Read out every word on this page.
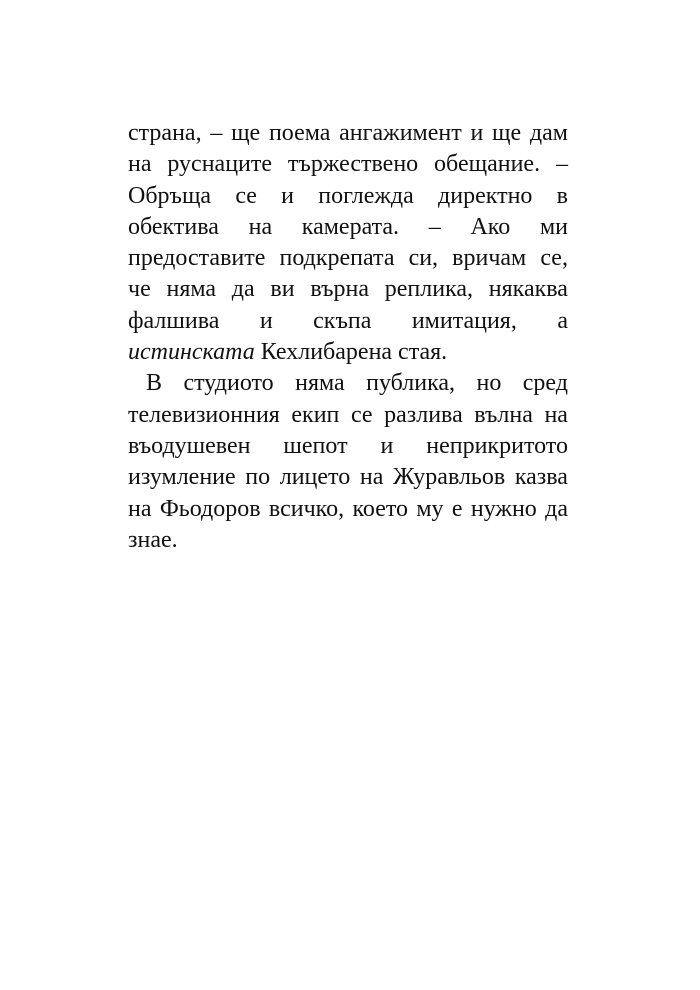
страна, – ще поема ангажимент и ще дам
на руснаците тържествено обещание. –
Обръща се и поглежда директно в
обектива на камерата. – Ако ми
предоставите подкрепата си, вричам се,
че няма да ви върна реплика, някаква
фалшива и скъпа имитация, а
истинската Кехлибарена стая.
В студиото няма публика, но сред
телевизионния екип се разлива вълна на
въодушевен шепот и неприкритото
изумление по лицето на Журавльов казва
на Фьодоров всичко, което му е нужно да
знае.
